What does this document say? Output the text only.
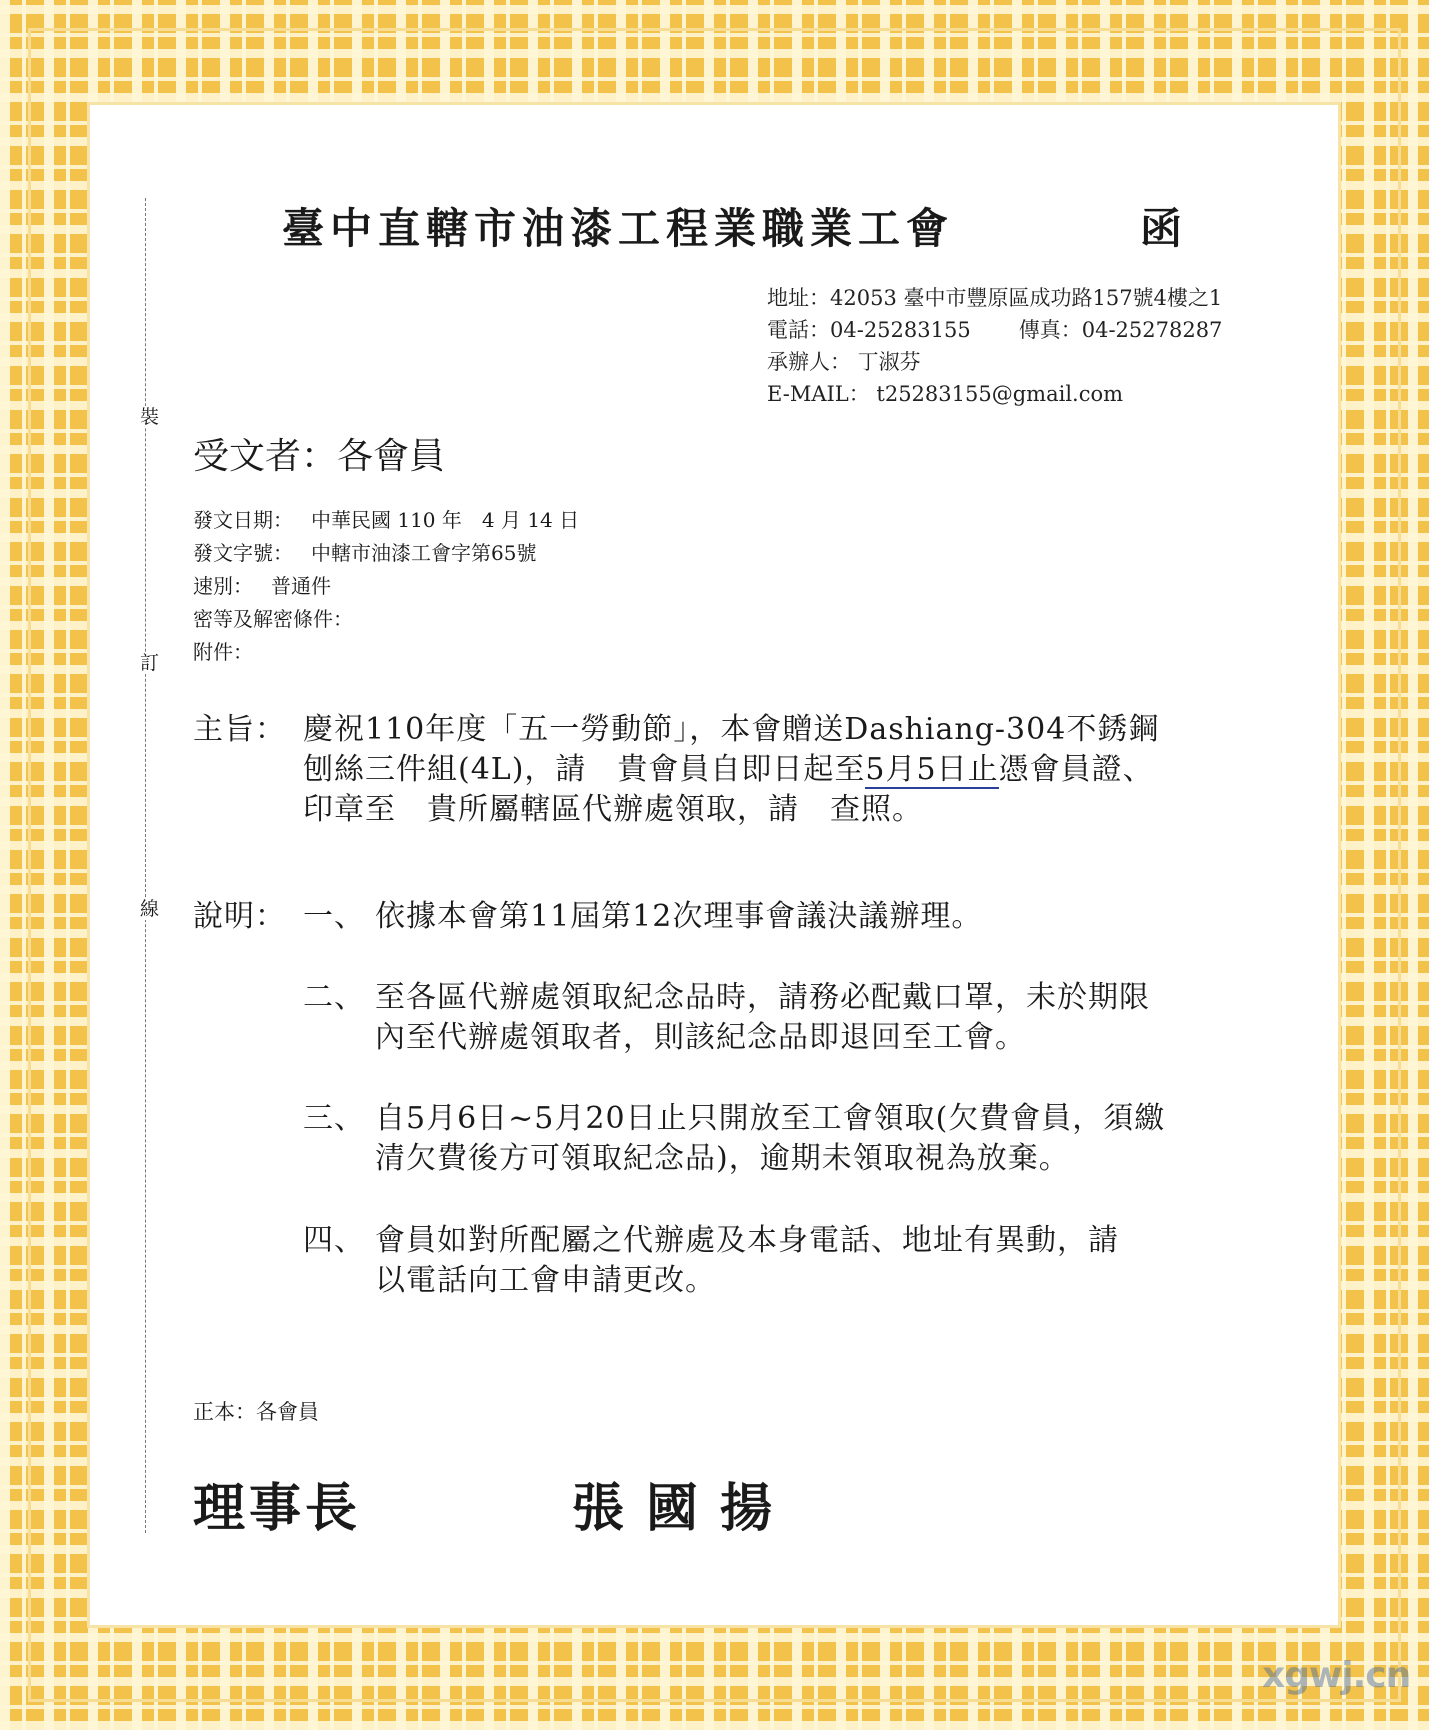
裝
訂
線
臺中直轄市油漆工程業職業工會	函
地址：42053 臺中市豐原區成功路157號4樓之1
電話：04-25283155 傳真：04-25278287
承辦人： 丁淑芬
E-MAIL： t25283155@gmail.com
受文者：各會員
發文日期： 中華民國 110 年　4 月 14 日
發文字號： 中轄市油漆工會字第65號
速別： 普通件
密等及解密條件：
附件：
主旨： 慶祝110年度「五一勞動節」，本會贈送Dashiang-304不銹鋼
刨絲三件組(4L)，請　貴會員自即日起至5月5日止憑會員證、
印章至　貴所屬轄區代辦處領取，請　查照。
說明： 一、 依據本會第11屆第12次理事會議決議辦理。
二、 至各區代辦處領取紀念品時，請務必配戴口罩，未於期限
內至代辦處領取者，則該紀念品即退回至工會。
三、 自5月6日~5月20日止只開放至工會領取(欠費會員，須繳
清欠費後方可領取紀念品)，逾期未領取視為放棄。
四、 會員如對所配屬之代辦處及本身電話、地址有異動，請
以電話向工會申請更改。
正本：各會員
理事長	張國揚
xgwj.cn
